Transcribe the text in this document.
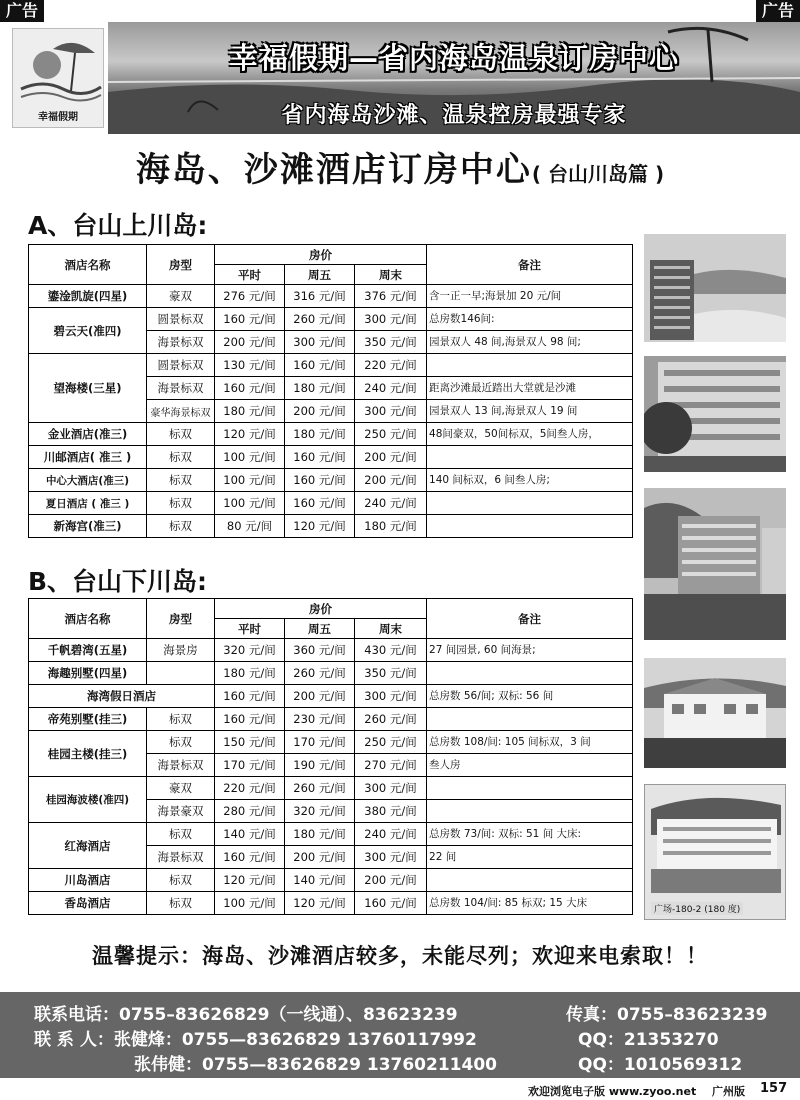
广告	广告
幸福假期
幸福假期—省内海岛温泉订房中心
省内海岛沙滩、温泉控房最强专家
海岛、沙滩酒店订房中心( 台山川岛篇 )
A、台山上川岛:
酒店名称	房型	房价			备注
		平时	周五	周末	
鎏淦凯旋(四星)	豪双	276 元/间	316 元/间	376 元/间	含一正一早;海景加 20 元/间
碧云天(准四)	圆景标双	160 元/间	260 元/间	300 元/间	总房数146间:
	海景标双	200 元/间	300 元/间	350 元/间	园景双人 48 间,海景双人 98 间;
望海楼(三星)	圆景标双	130 元/间	160 元/间	220 元/间	
	海景标双	160 元/间	180 元/间	240 元/间	距离沙滩最近踏出大堂就是沙滩
	豪华海景标双	180 元/间	200 元/间	300 元/间	园景双人 13 间,海景双人 19 间
金业酒店(准三)	标双	120 元/间	180 元/间	250 元/间	48间豪双，50间标双，5间叁人房，
川邮酒店( 准三 )	标双	100 元/间	160 元/间	200 元/间	
中心大酒店(准三)	标双	100 元/间	160 元/间	200 元/间	140 间标双，6 间叁人房;
夏日酒店 ( 准三 )	标双	100 元/间	160 元/间	240 元/间	
新海宫(准三)	标双	80 元/间	120 元/间	180 元/间	
B、台山下川岛:
酒店名称	房型	房价			备注
		平时	周五	周末	
千帆碧湾(五星)	海景房	320 元/间	360 元/间	430 元/间	27 间园景, 60 间海景;
海趣别墅(四星)		180 元/间	260 元/间	350 元/间	
海湾假日酒店		160 元/间	200 元/间	300 元/间	总房数 56/间; 双标: 56 间
帝苑别墅(挂三)	标双	160 元/间	230 元/间	260 元/间	
桂园主楼(挂三)	标双	150 元/间	170 元/间	250 元/间	总房数 108/间: 105 间标双，3 间
	海景标双	170 元/间	190 元/间	270 元/间	叁人房
桂园海波楼(准四)	豪双	220 元/间	260 元/间	300 元/间	
	海景豪双	280 元/间	320 元/间	380 元/间	
红海酒店	标双	140 元/间	180 元/间	240 元/间	总房数 73/间: 双标: 51 间 大床:
	海景标双	160 元/间	200 元/间	300 元/间	22 间
川岛酒店	标双	120 元/间	140 元/间	200 元/间	
香岛酒店	标双	100 元/间	120 元/间	160 元/间	总房数 104/间: 85 标双; 15 大床
广场-180-2 (180 度)
温馨提示：海岛、沙滩酒店较多，未能尽列；欢迎来电索取！！
联系电话：0755–83626829（一线通）、83623239	传真：0755–83623239
联 系 人：张健烽：0755—83626829 13760117992	QQ：21353270
张伟健：0755—83626829 13760211400	QQ：1010569312
欢迎浏览电子版 www.zyoo.net 广州版 157
